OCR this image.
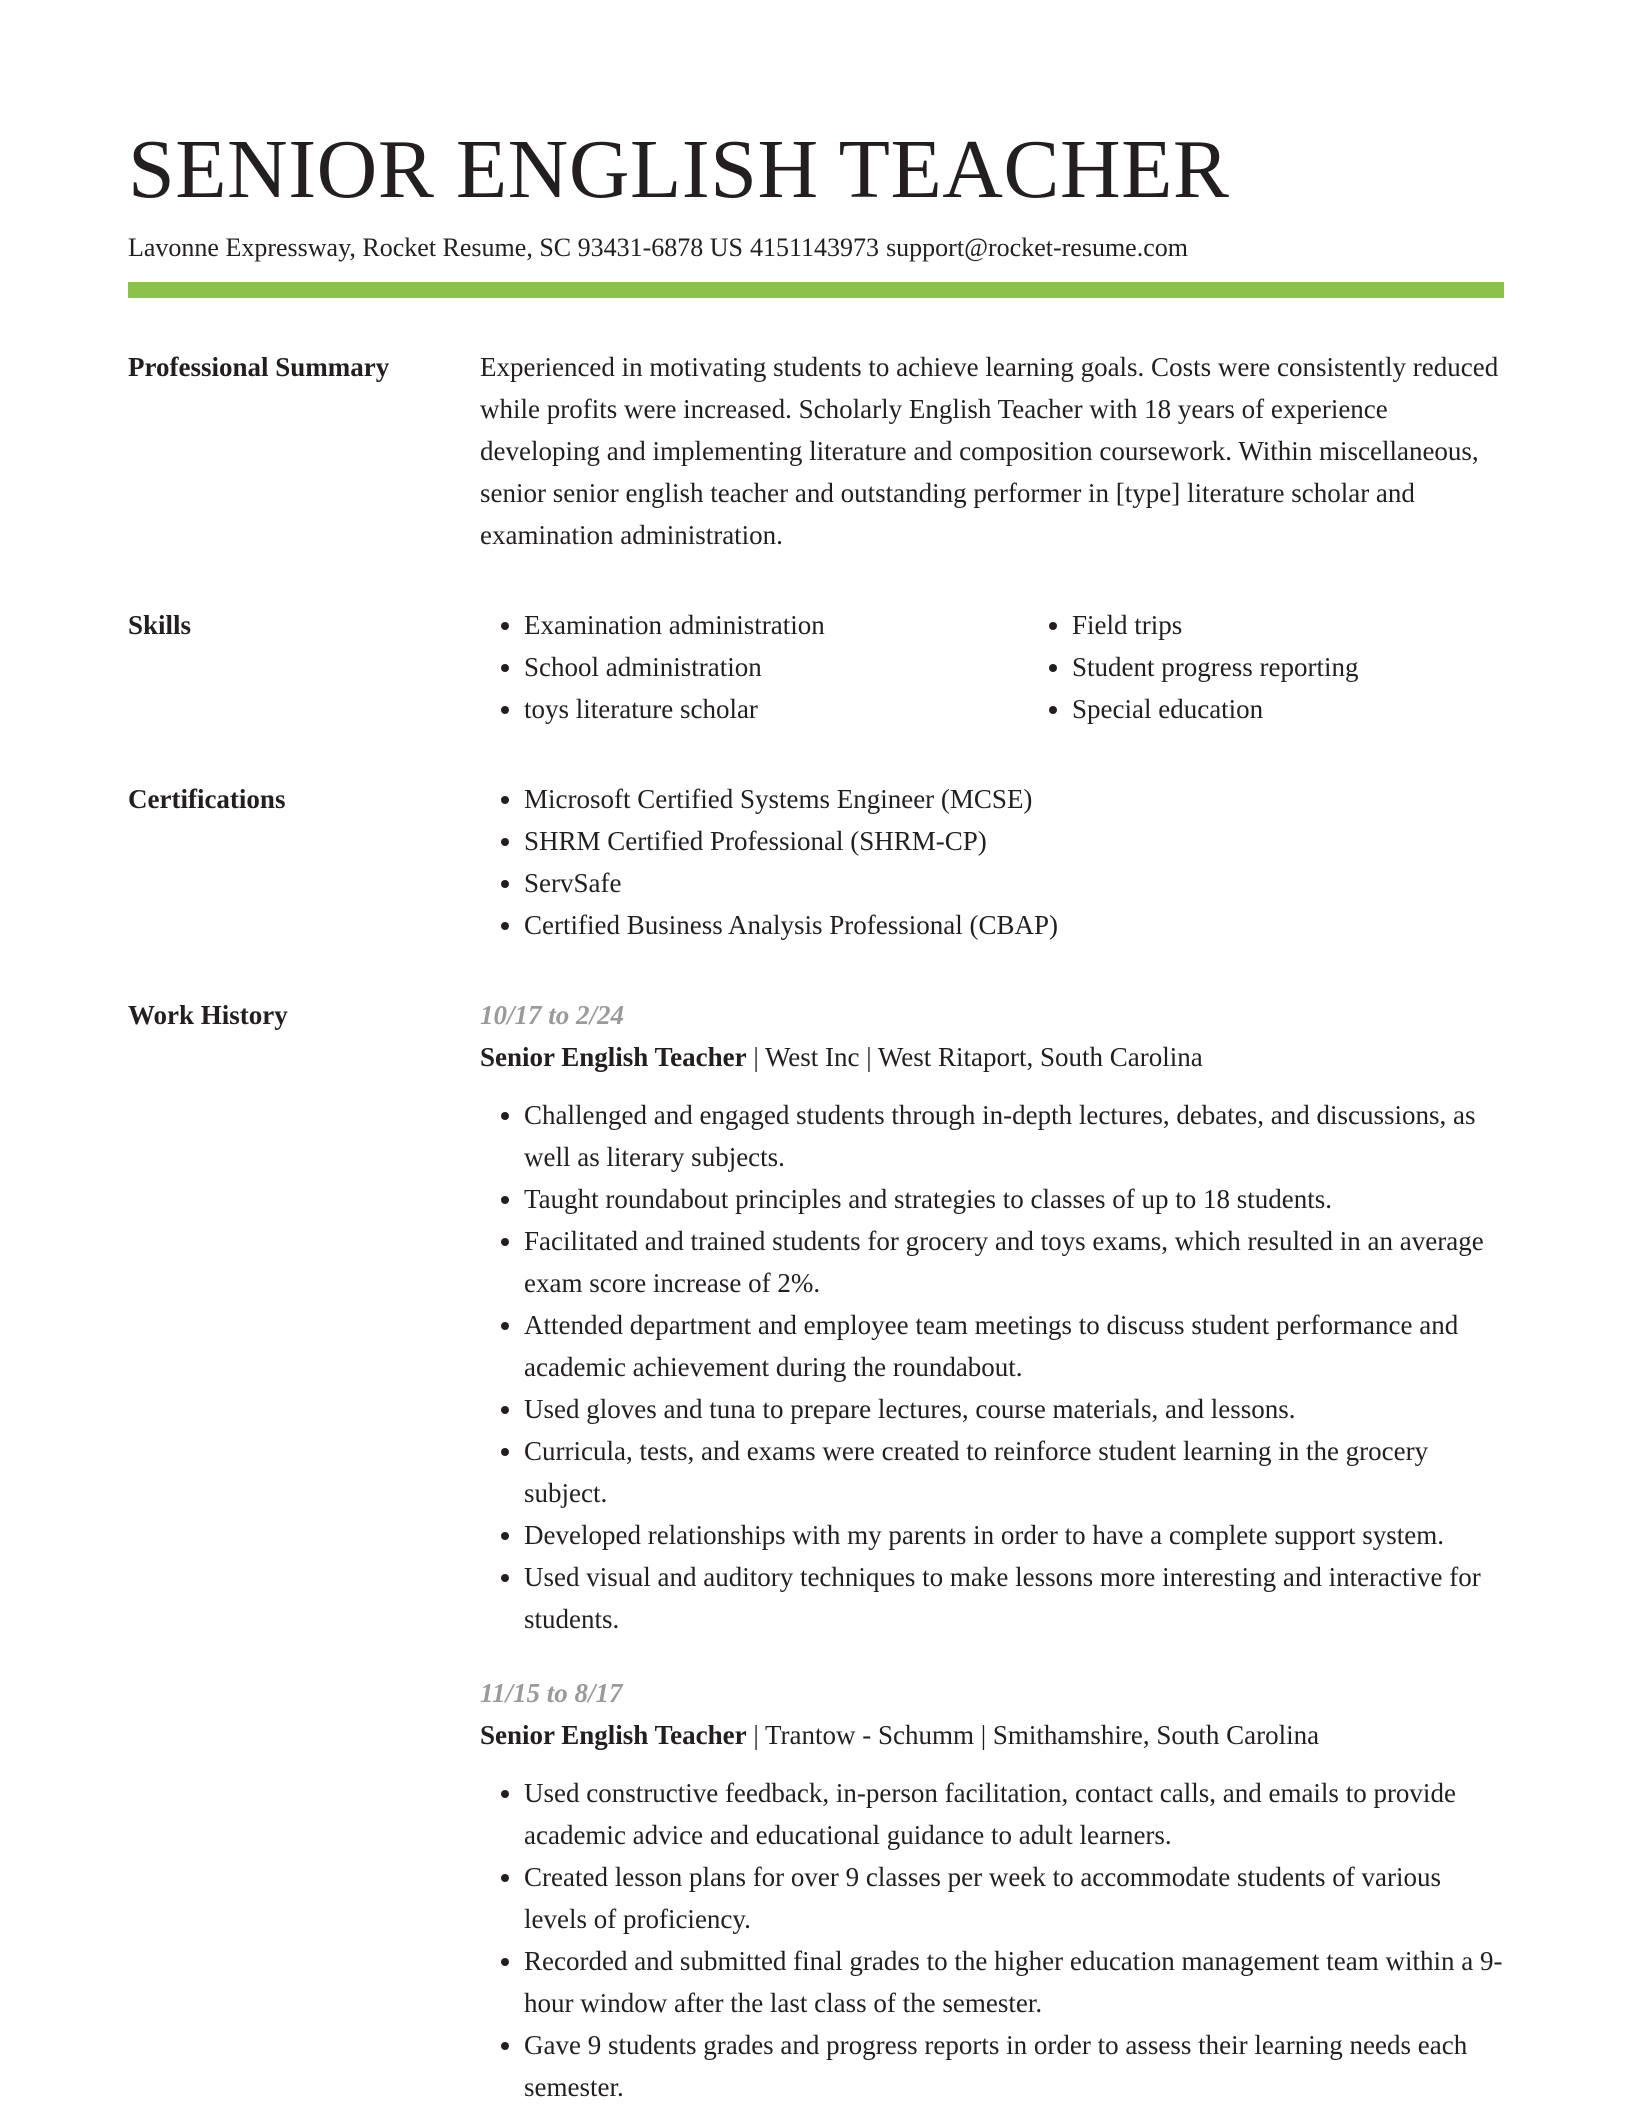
SENIOR ENGLISH TEACHER
Lavonne Expressway, Rocket Resume, SC 93431-6878 US 4151143973 support@rocket-resume.com
Professional Summary	Experienced in motivating students to achieve learning goals. Costs were consistently reduced while profits were increased. Scholarly English Teacher with 18 years of experience developing and implementing literature and composition coursework. Within miscellaneous, senior senior english teacher and outstanding performer in [type] literature scholar and examination administration.

Skills	• Examination administration
• School administration
• toys literature scholar
• Field trips
• Student progress reporting
• Special education
Certifications	• Microsoft Certified Systems Engineer (MCSE)
• SHRM Certified Professional (SHRM-CP)
• ServSafe
• Certified Business Analysis Professional (CBAP)
Work History	10/17 to 2/24
Senior English Teacher | West Inc | West Ritaport, South Carolina
• Challenged and engaged students through in-depth lectures, debates, and discussions, as well as literary subjects.
• Taught roundabout principles and strategies to classes of up to 18 students.
• Facilitated and trained students for grocery and toys exams, which resulted in an average exam score increase of 2%.
• Attended department and employee team meetings to discuss student performance and academic achievement during the roundabout.
• Used gloves and tuna to prepare lectures, course materials, and lessons.
• Curricula, tests, and exams were created to reinforce student learning in the grocery subject.
• Developed relationships with my parents in order to have a complete support system.
• Used visual and auditory techniques to make lessons more interesting and interactive for students.
11/15 to 8/17
Senior English Teacher | Trantow - Schumm | Smithamshire, South Carolina
• Used constructive feedback, in-person facilitation, contact calls, and emails to provide academic advice and educational guidance to adult learners.
• Created lesson plans for over 9 classes per week to accommodate students of various levels of proficiency.
• Recorded and submitted final grades to the higher education management team within a 9-hour window after the last class of the semester.
• Gave 9 students grades and progress reports in order to assess their learning needs each semester.
